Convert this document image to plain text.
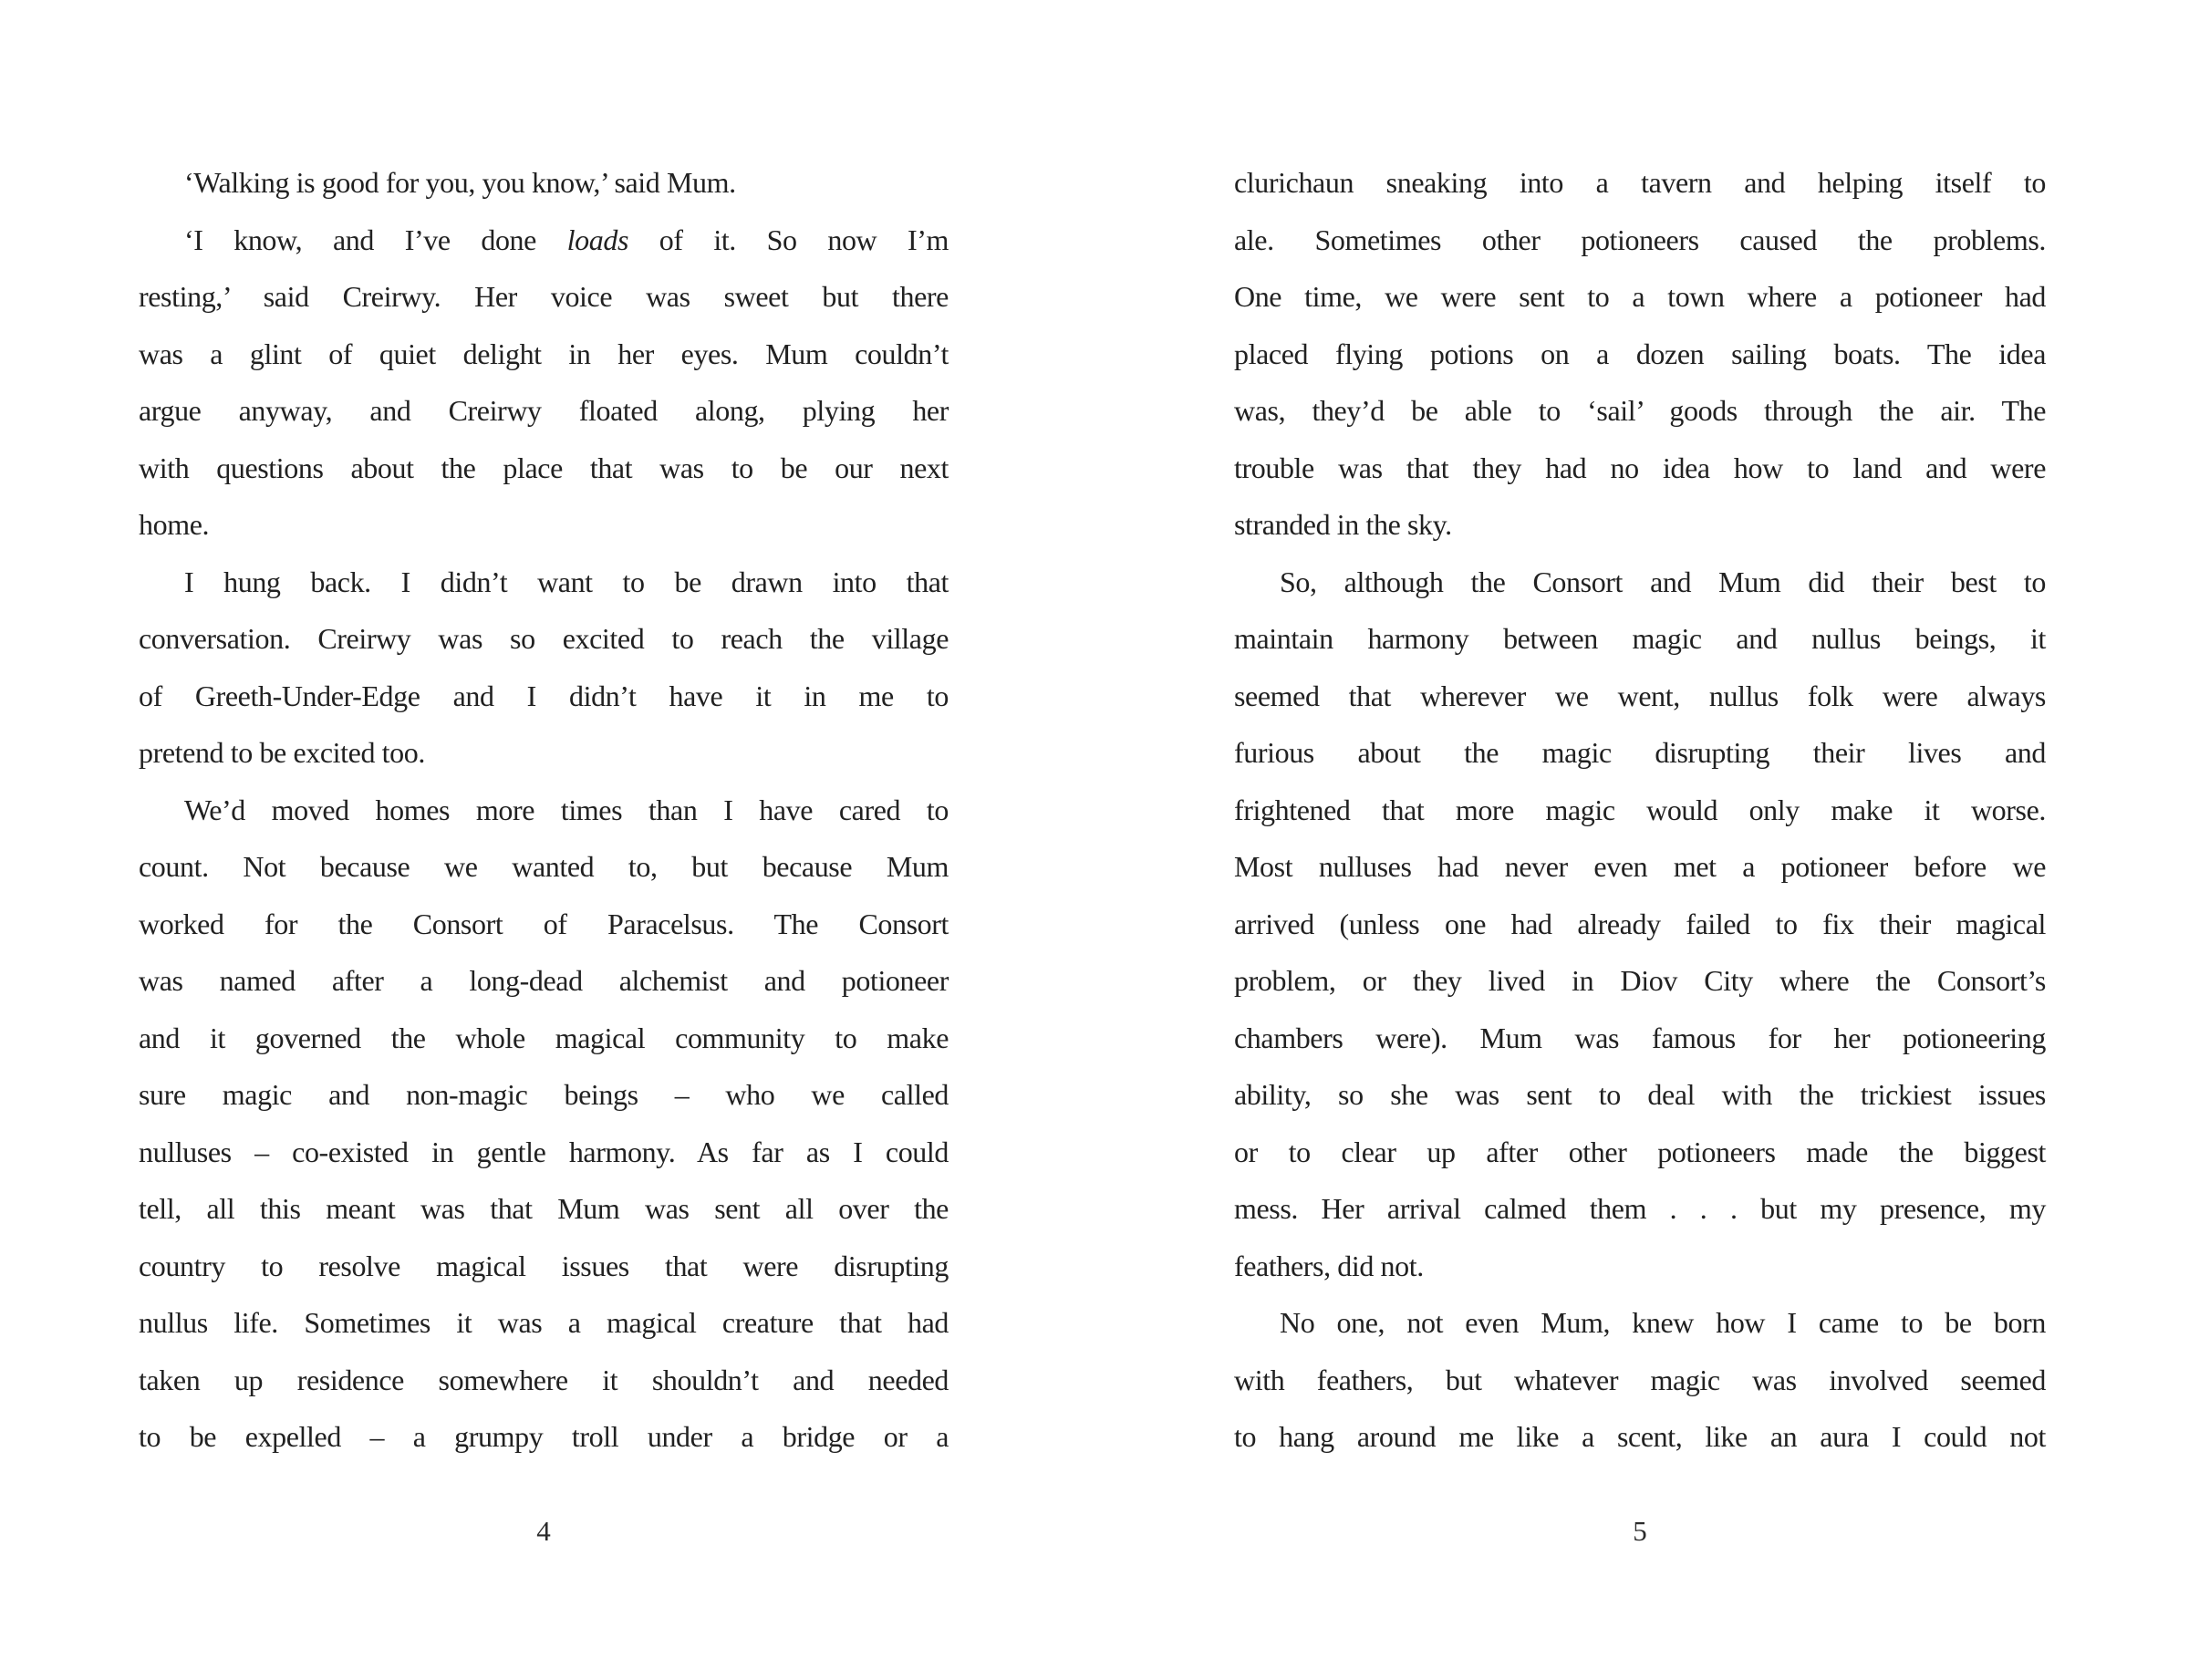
‘Walking is good for you, you know,’ said Mum.
‘I know, and I’ve done loads of it. So now I’m
resting,’ said Creirwy. Her voice was sweet but there
was a glint of quiet delight in her eyes. Mum couldn’t
argue anyway, and Creirwy floated along, plying her
with questions about the place that was to be our next
home.
I hung back. I didn’t want to be drawn into that
conversation. Creirwy was so excited to reach the village
of Greeth-Under-Edge and I didn’t have it in me to
pretend to be excited too.
We’d moved homes more times than I have cared to
count. Not because we wanted to, but because Mum
worked for the Consort of Paracelsus. The Consort
was named after a long-dead alchemist and potioneer
and it governed the whole magical community to make
sure magic and non-magic beings – who we called
nulluses – co-existed in gentle harmony. As far as I could
tell, all this meant was that Mum was sent all over the
country to resolve magical issues that were disrupting
nullus life. Sometimes it was a magical creature that had
taken up residence somewhere it shouldn’t and needed
to be expelled – a grumpy troll under a bridge or a
4
clurichaun sneaking into a tavern and helping itself to
ale. Sometimes other potioneers caused the problems.
One time, we were sent to a town where a potioneer had
placed flying potions on a dozen sailing boats. The idea
was, they’d be able to ‘sail’ goods through the air. The
trouble was that they had no idea how to land and were
stranded in the sky.
So, although the Consort and Mum did their best to
maintain harmony between magic and nullus beings, it
seemed that wherever we went, nullus folk were always
furious about the magic disrupting their lives and
frightened that more magic would only make it worse.
Most nulluses had never even met a potioneer before we
arrived (unless one had already failed to fix their magical
problem, or they lived in Diov City where the Consort’s
chambers were). Mum was famous for her potioneering
ability, so she was sent to deal with the trickiest issues
or to clear up after other potioneers made the biggest
mess. Her arrival calmed them . . . but my presence, my
feathers, did not.
No one, not even Mum, knew how I came to be born
with feathers, but whatever magic was involved seemed
to hang around me like a scent, like an aura I could not
5
